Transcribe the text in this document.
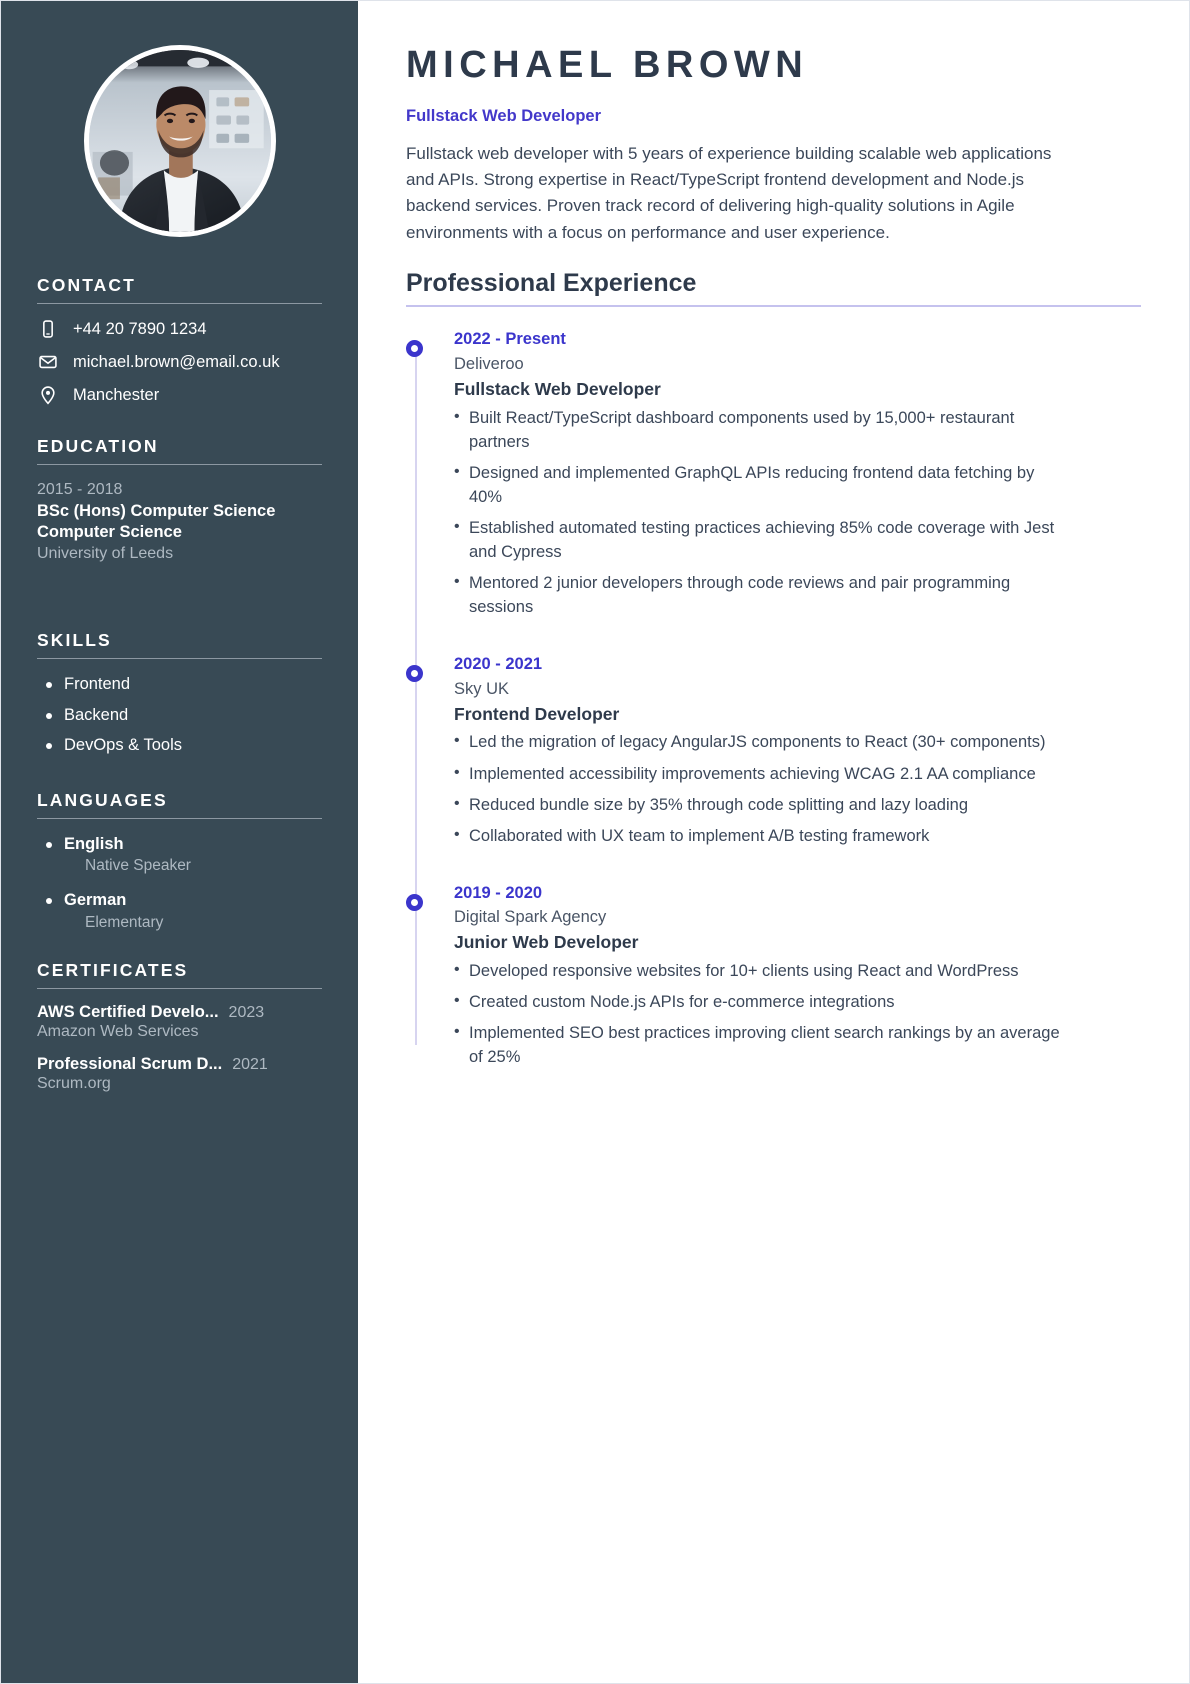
CONTACT
+44 20 7890 1234
michael.brown@email.co.uk
Manchester
EDUCATION
2015 - 2018
BSc (Hons) Computer Science Computer Science
University of Leeds
SKILLS
Frontend
Backend
DevOps & Tools
LANGUAGES
English
Native Speaker
German
Elementary
CERTIFICATES
AWS Certified Develo... 2023
Amazon Web Services
Professional Scrum D... 2021
Scrum.org
MICHAEL BROWN
Fullstack Web Developer

Fullstack web developer with 5 years of experience building scalable web applications and APIs. Strong expertise in React/TypeScript frontend development and Node.js backend services. Proven track record of delivering high-quality solutions in Agile environments with a focus on performance and user experience.

Professional Experience
2022 - Present
Deliveroo
Fullstack Web Developer
• Built React/TypeScript dashboard components used by 15,000+ restaurant partners
• Designed and implemented GraphQL APIs reducing frontend data fetching by 40%
• Established automated testing practices achieving 85% code coverage with Jest and Cypress
• Mentored 2 junior developers through code reviews and pair programming sessions
2020 - 2021
Sky UK
Frontend Developer
• Led the migration of legacy AngularJS components to React (30+ components)
• Implemented accessibility improvements achieving WCAG 2.1 AA compliance
• Reduced bundle size by 35% through code splitting and lazy loading
• Collaborated with UX team to implement A/B testing framework
2019 - 2020
Digital Spark Agency
Junior Web Developer
• Developed responsive websites for 10+ clients using React and WordPress
• Created custom Node.js APIs for e-commerce integrations
• Implemented SEO best practices improving client search rankings by an average of 25%
